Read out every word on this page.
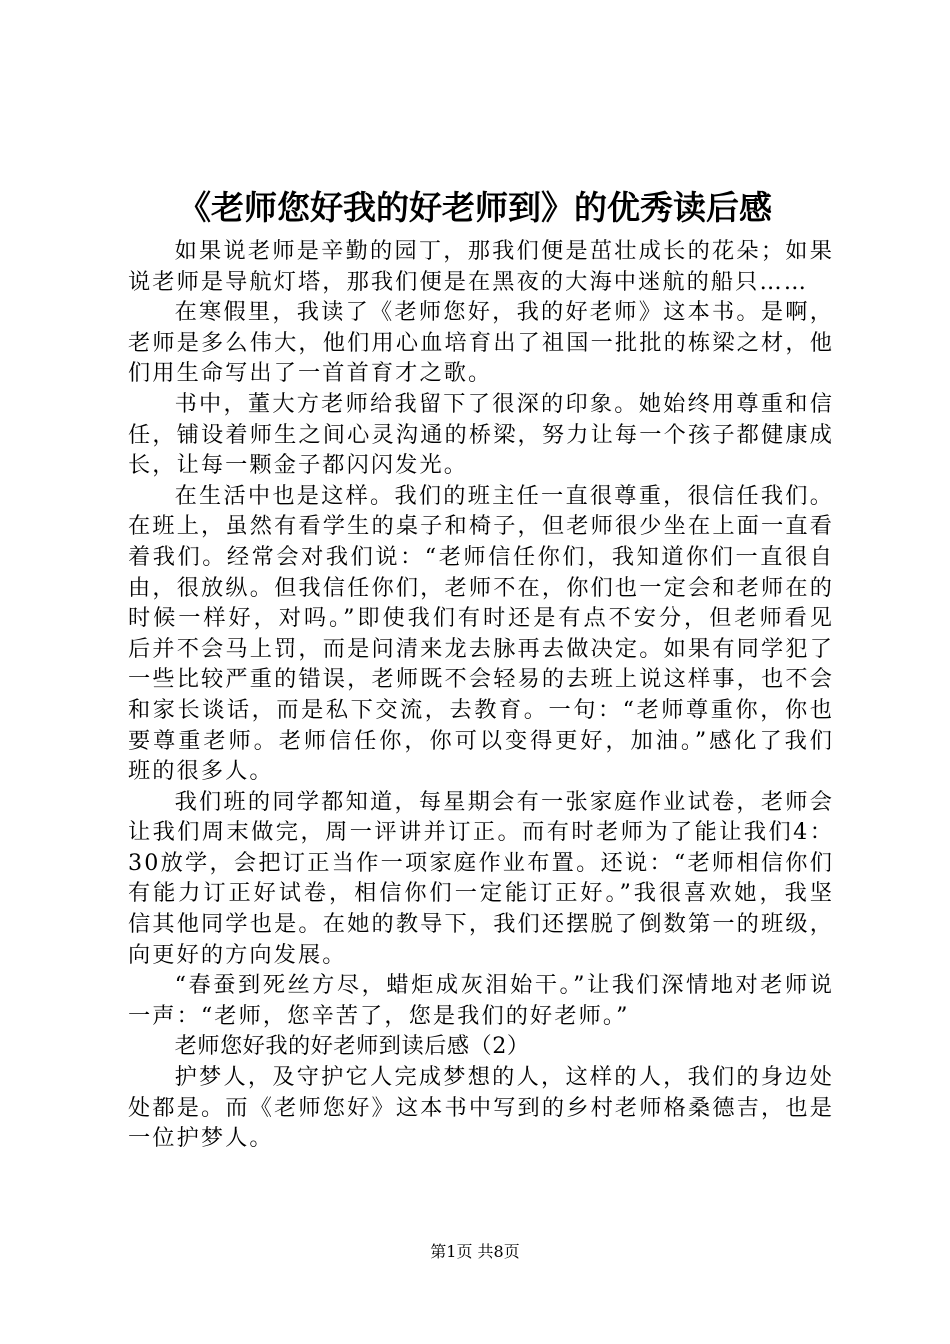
《老师您好我的好老师到》的优秀读后感

如果说老师是辛勤的园丁，那我们便是茁壮成长的花朵；如果说老师是导航灯塔，那我们便是在黑夜的大海中迷航的船只……

在寒假里，我读了《老师您好，我的好老师》这本书。是啊，老师是多么伟大，他们用心血培育出了祖国一批批的栋梁之材，他们用生命写出了一首首育才之歌。

书中，董大方老师给我留下了很深的印象。她始终用尊重和信任，铺设着师生之间心灵沟通的桥梁，努力让每一个孩子都健康成长，让每一颗金子都闪闪发光。

在生活中也是这样。我们的班主任一直很尊重，很信任我们。在班上，虽然有看学生的桌子和椅子，但老师很少坐在上面一直看着我们。经常会对我们说：“老师信任你们，我知道你们一直很自由，很放纵。但我信任你们，老师不在，你们也一定会和老师在的时候一样好，对吗。”即使我们有时还是有点不安分，但老师看见后并不会马上罚，而是问清来龙去脉再去做决定。如果有同学犯了一些比较严重的错误，老师既不会轻易的去班上说这样事，也不会和家长谈话，而是私下交流，去教育。一句：“老师尊重你，你也要尊重老师。老师信任你，你可以变得更好，加油。”感化了我们班的很多人。

我们班的同学都知道，每星期会有一张家庭作业试卷，老师会让我们周末做完，周一评讲并订正。而有时老师为了能让我们4：30放学，会把订正当作一项家庭作业布置。还说：“老师相信你们有能力订正好试卷，相信你们一定能订正好。”我很喜欢她，我坚信其他同学也是。在她的教导下，我们还摆脱了倒数第一的班级，向更好的方向发展。

“春蚕到死丝方尽，蜡炬成灰泪始干。”让我们深情地对老师说一声：“老师，您辛苦了，您是我们的好老师。”

老师您好我的好老师到读后感（2）

护梦人，及守护它人完成梦想的人，这样的人，我们的身边处处都是。而《老师您好》这本书中写到的乡村老师格桑德吉，也是一位护梦人。

第1页 共8页
